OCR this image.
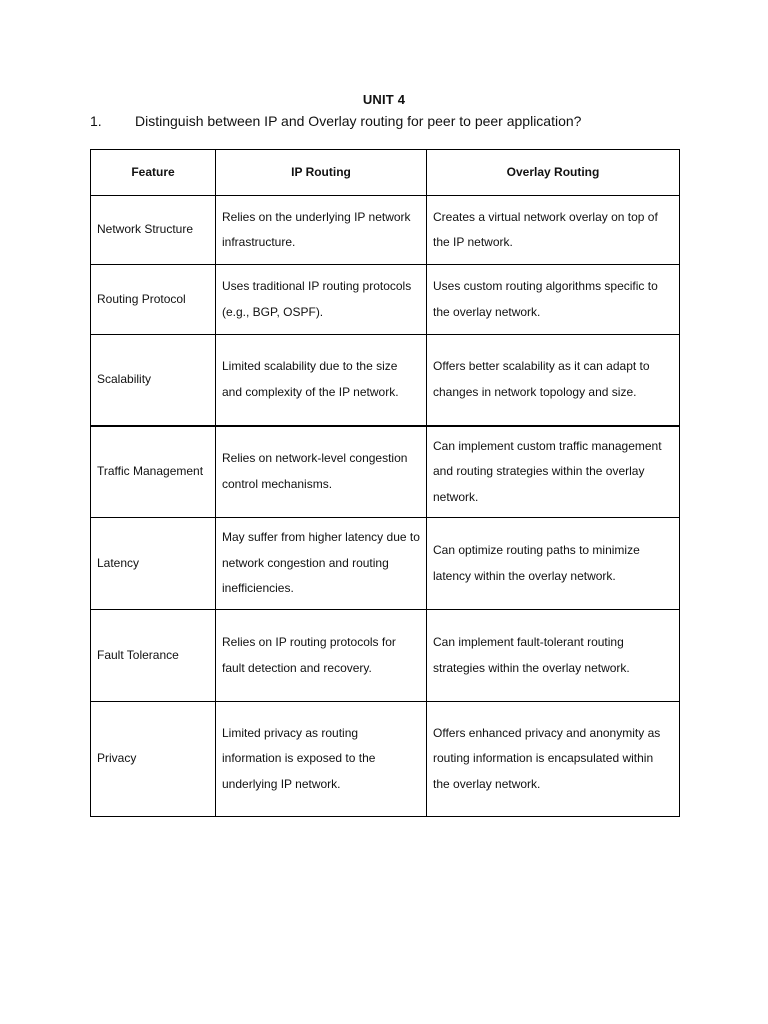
UNIT 4
1. Distinguish between IP and Overlay routing for peer to peer application?
Feature	IP Routing	Overlay Routing
Network Structure	Relies on the underlying IP network infrastructure.	Creates a virtual network overlay on top of the IP network.
Routing Protocol	Uses traditional IP routing protocols (e.g., BGP, OSPF).	Uses custom routing algorithms specific to the overlay network.
Scalability	Limited scalability due to the size and complexity of the IP network.	Offers better scalability as it can adapt to changes in network topology and size.
Traffic Management	Relies on network-level congestion control mechanisms.	Can implement custom traffic management and routing strategies within the overlay network.
Latency	May suffer from higher latency due to network congestion and routing inefficiencies.	Can optimize routing paths to minimize latency within the overlay network.
Fault Tolerance	Relies on IP routing protocols for fault detection and recovery.	Can implement fault-tolerant routing strategies within the overlay network.
Privacy	Limited privacy as routing information is exposed to the underlying IP network.	Offers enhanced privacy and anonymity as routing information is encapsulated within the overlay network.
